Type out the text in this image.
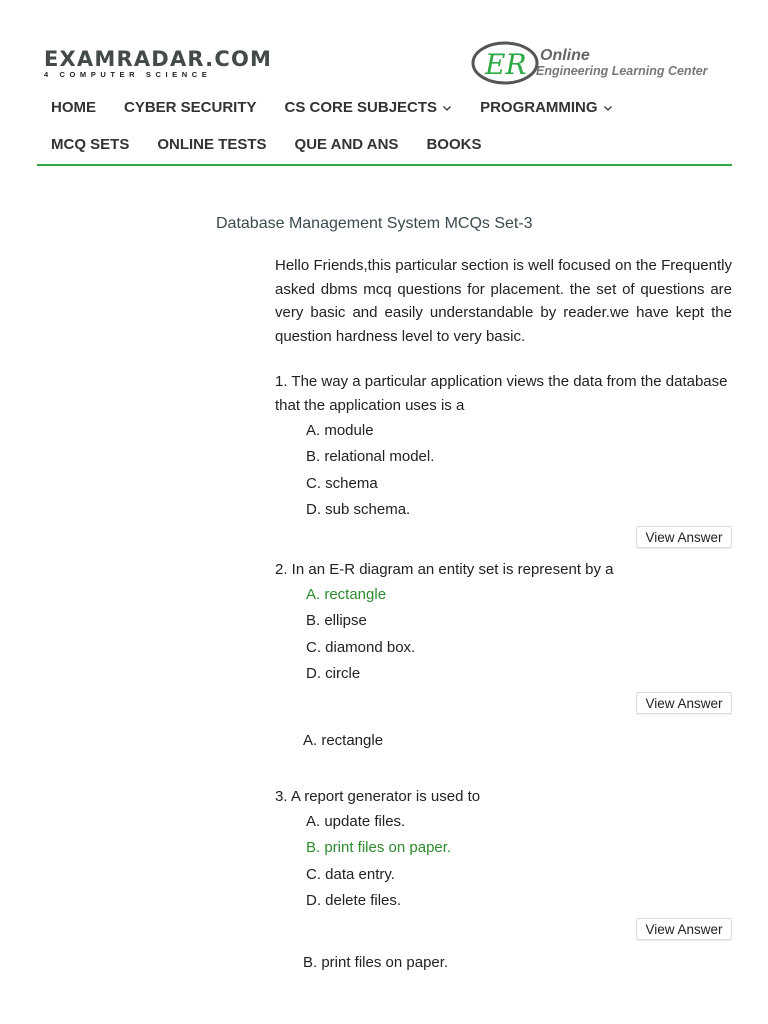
EXAMRADAR.COM
4 COMPUTER SCIENCE	ER Online
Engineering Learning Center
HOME CYBER SECURITY CS CORE SUBJECTS	PROGRAMMING
MCQ SETS ONLINE TESTS QUE AND ANS BOOKS
Database Management System MCQs Set-3

Hello Friends,this particular section is well focused on the Frequently asked dbms mcq questions for placement. the set of questions are very basic and easily understandable by reader.we have kept the question hardness level to very basic.

1. The way a particular application views the data from the database that the application uses is a

A. module
B. relational model.
C. schema
D. sub schema.
View Answer

2. In an E-R diagram an entity set is represent by a

A. rectangle
B. ellipse
C. diamond box.
D. circle
View Answer
A. rectangle

3. A report generator is used to

A. update files.
B. print files on paper.
C. data entry.
D. delete files.
View Answer
B. print files on paper.
